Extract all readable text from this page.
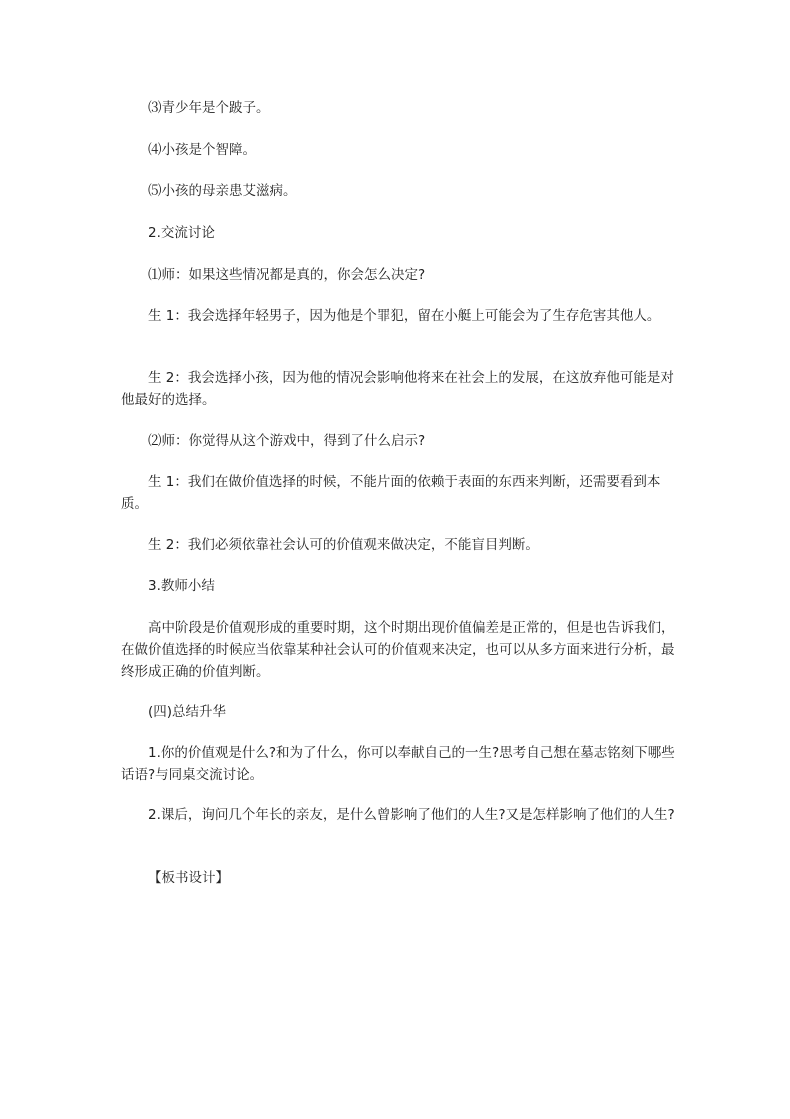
⑶青少年是个跛子。
⑷小孩是个智障。
⑸小孩的母亲患艾滋病。
2.交流讨论
⑴师：如果这些情况都是真的，你会怎么决定?
生 1：我会选择年轻男子，因为他是个罪犯，留在小艇上可能会为了生存危害其他人。
生 2：我会选择小孩，因为他的情况会影响他将来在社会上的发展，在这放弃他可能是对他最好的选择。
⑵师：你觉得从这个游戏中，得到了什么启示?
生 1：我们在做价值选择的时候，不能片面的依赖于表面的东西来判断，还需要看到本质。
生 2：我们必须依靠社会认可的价值观来做决定，不能盲目判断。
3.教师小结
高中阶段是价值观形成的重要时期，这个时期出现价值偏差是正常的，但是也告诉我们，在做价值选择的时候应当依靠某种社会认可的价值观来决定，也可以从多方面来进行分析，最终形成正确的价值判断。
(四)总结升华
1.你的价值观是什么?和为了什么，你可以奉献自己的一生?思考自己想在墓志铭刻下哪些话语?与同桌交流讨论。
2.课后，询问几个年长的亲友，是什么曾影响了他们的人生?又是怎样影响了他们的人生?
【板书设计】
